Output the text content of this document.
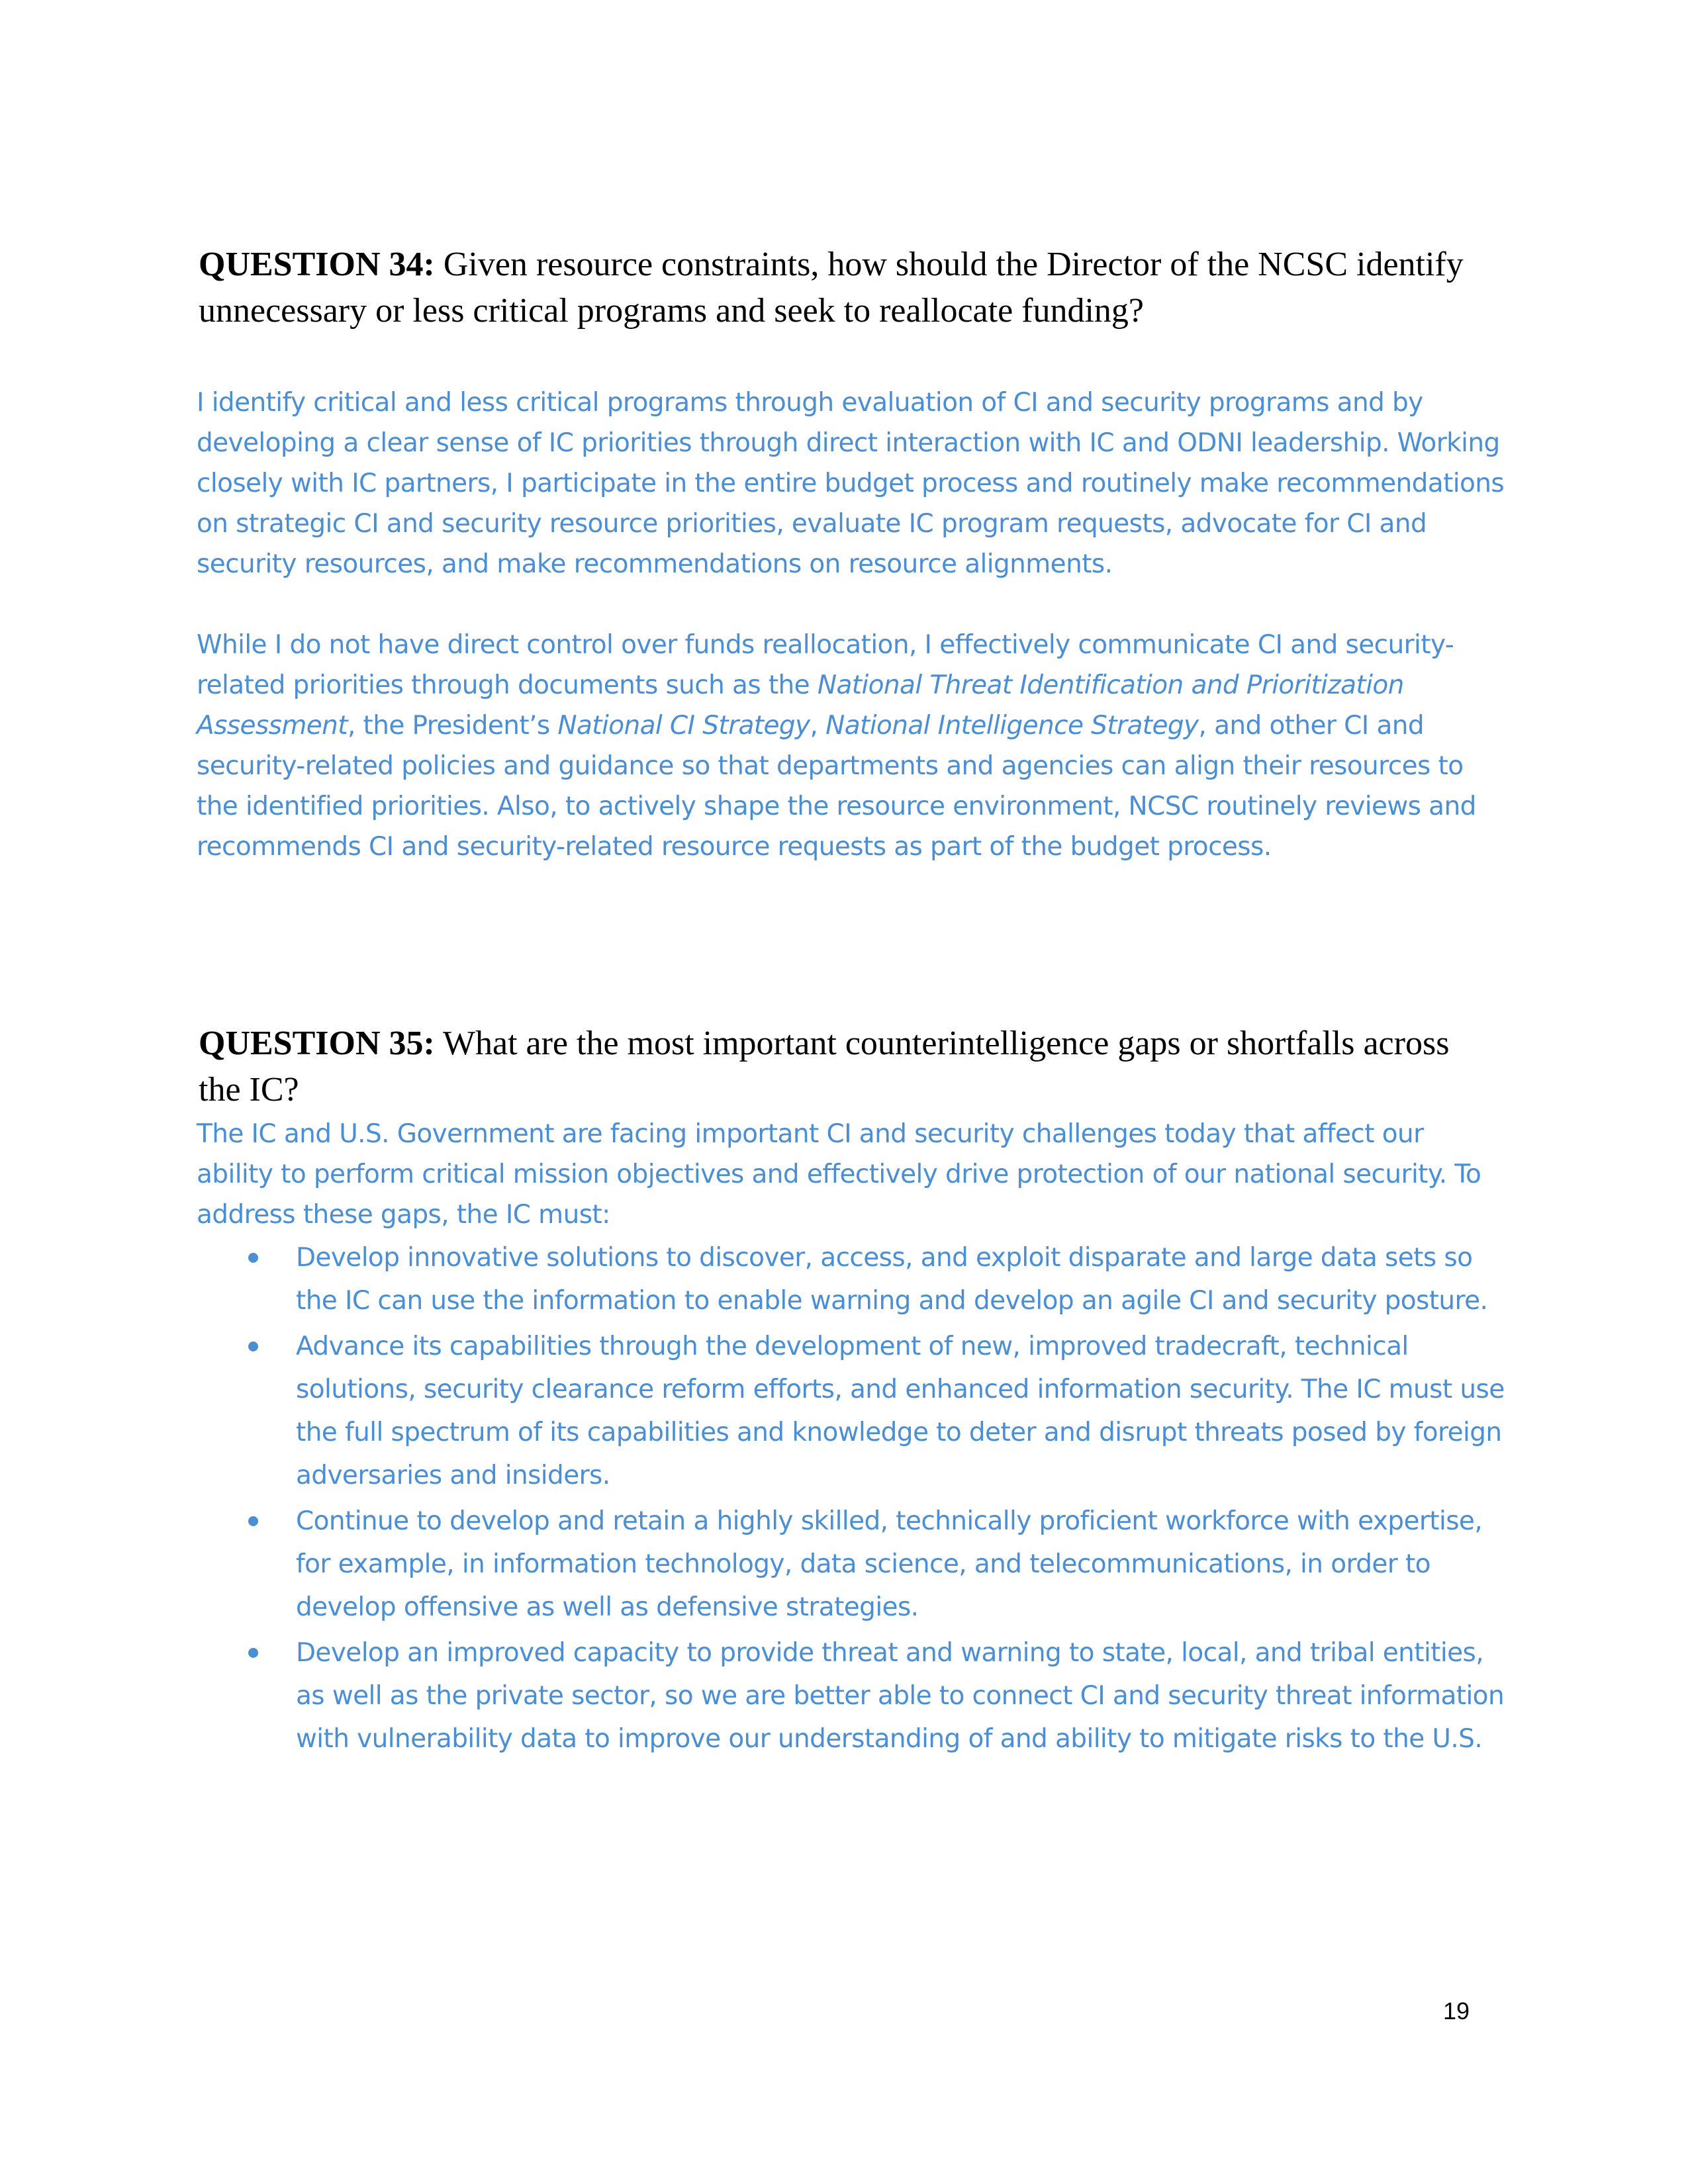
QUESTION 34: Given resource constraints, how should the Director of the NCSC identify unnecessary or less critical programs and seek to reallocate funding?

I identify critical and less critical programs through evaluation of CI and security programs and by developing a clear sense of IC priorities through direct interaction with IC and ODNI leadership. Working closely with IC partners, I participate in the entire budget process and routinely make recommendations on strategic CI and security resource priorities, evaluate IC program requests, advocate for CI and security resources, and make recommendations on resource alignments.

While I do not have direct control over funds reallocation, I effectively communicate CI and security-related priorities through documents such as the National Threat Identification and Prioritization Assessment, the President’s National CI Strategy, National Intelligence Strategy, and other CI and security-related policies and guidance so that departments and agencies can align their resources to the identified priorities. Also, to actively shape the resource environment, NCSC routinely reviews and recommends CI and security-related resource requests as part of the budget process.

QUESTION 35: What are the most important counterintelligence gaps or shortfalls across the IC?

The IC and U.S. Government are facing important CI and security challenges today that affect our ability to perform critical mission objectives and effectively drive protection of our national security. To address these gaps, the IC must:

Develop innovative solutions to discover, access, and exploit disparate and large data sets so the IC can use the information to enable warning and develop an agile CI and security posture.
Advance its capabilities through the development of new, improved tradecraft, technical solutions, security clearance reform efforts, and enhanced information security. The IC must use the full spectrum of its capabilities and knowledge to deter and disrupt threats posed by foreign adversaries and insiders.
Continue to develop and retain a highly skilled, technically proficient workforce with expertise, for example, in information technology, data science, and telecommunications, in order to develop offensive as well as defensive strategies.
Develop an improved capacity to provide threat and warning to state, local, and tribal entities, as well as the private sector, so we are better able to connect CI and security threat information with vulnerability data to improve our understanding of and ability to mitigate risks to the U.S.
19
